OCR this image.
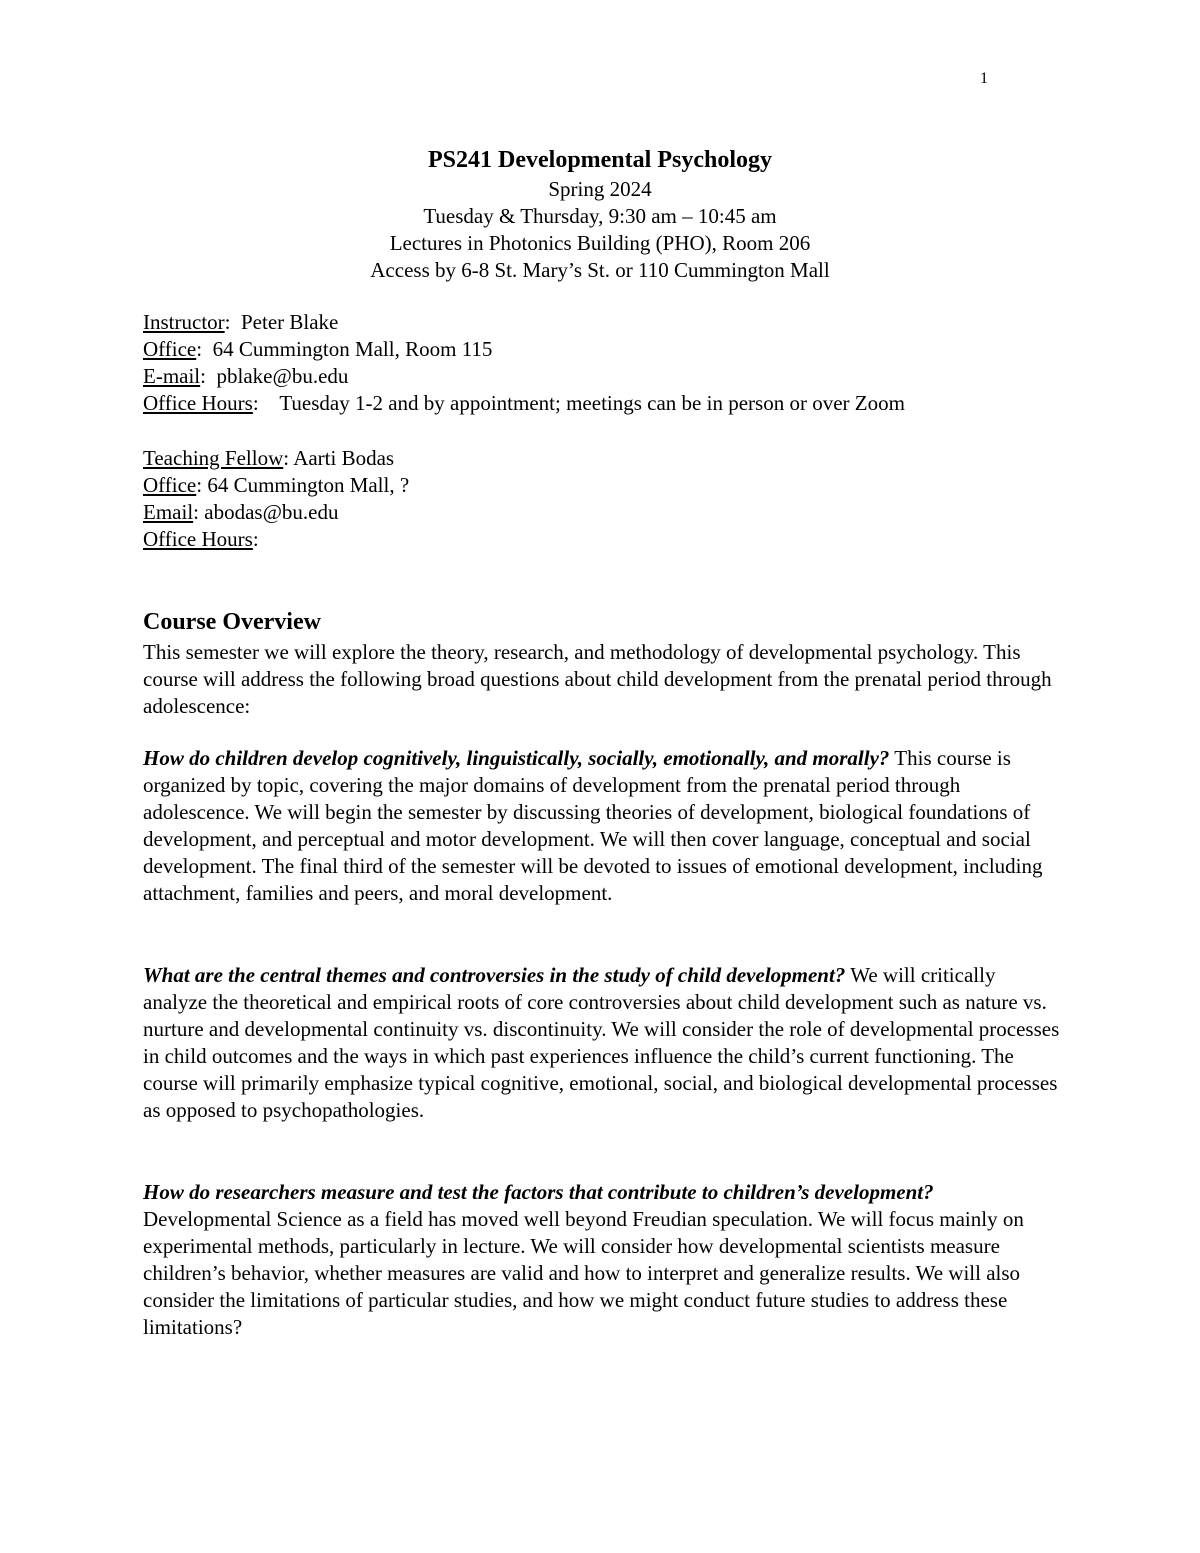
1
PS241 Developmental Psychology
Spring 2024
Tuesday & Thursday, 9:30 am – 10:45 am
Lectures in Photonics Building (PHO), Room 206
Access by 6-8 St. Mary’s St. or 110 Cummington Mall
Instructor:  Peter Blake
Office:  64 Cummington Mall, Room 115
E-mail:  pblake@bu.edu
Office Hours:    Tuesday 1-2 and by appointment; meetings can be in person or over Zoom
Teaching Fellow: Aarti Bodas
Office: 64 Cummington Mall, ?
Email: abodas@bu.edu
Office Hours:
Course Overview

This semester we will explore the theory, research, and methodology of developmental psychology. This course will address the following broad questions about child development from the prenatal period through adolescence:

How do children develop cognitively, linguistically, socially, emotionally, and morally? This course is organized by topic, covering the major domains of development from the prenatal period through adolescence. We will begin the semester by discussing theories of development, biological foundations of development, and perceptual and motor development. We will then cover language, conceptual and social development. The final third of the semester will be devoted to issues of emotional development, including attachment, families and peers, and moral development.

What are the central themes and controversies in the study of child development? We will critically analyze the theoretical and empirical roots of core controversies about child development such as nature vs. nurture and developmental continuity vs. discontinuity. We will consider the role of developmental processes in child outcomes and the ways in which past experiences influence the child’s current functioning. The course will primarily emphasize typical cognitive, emotional, social, and biological developmental processes as opposed to psychopathologies.

How do researchers measure and test the factors that contribute to children’s development?
Developmental Science as a field has moved well beyond Freudian speculation. We will focus mainly on experimental methods, particularly in lecture. We will consider how developmental scientists measure children’s behavior, whether measures are valid and how to interpret and generalize results. We will also consider the limitations of particular studies, and how we might conduct future studies to address these limitations?
